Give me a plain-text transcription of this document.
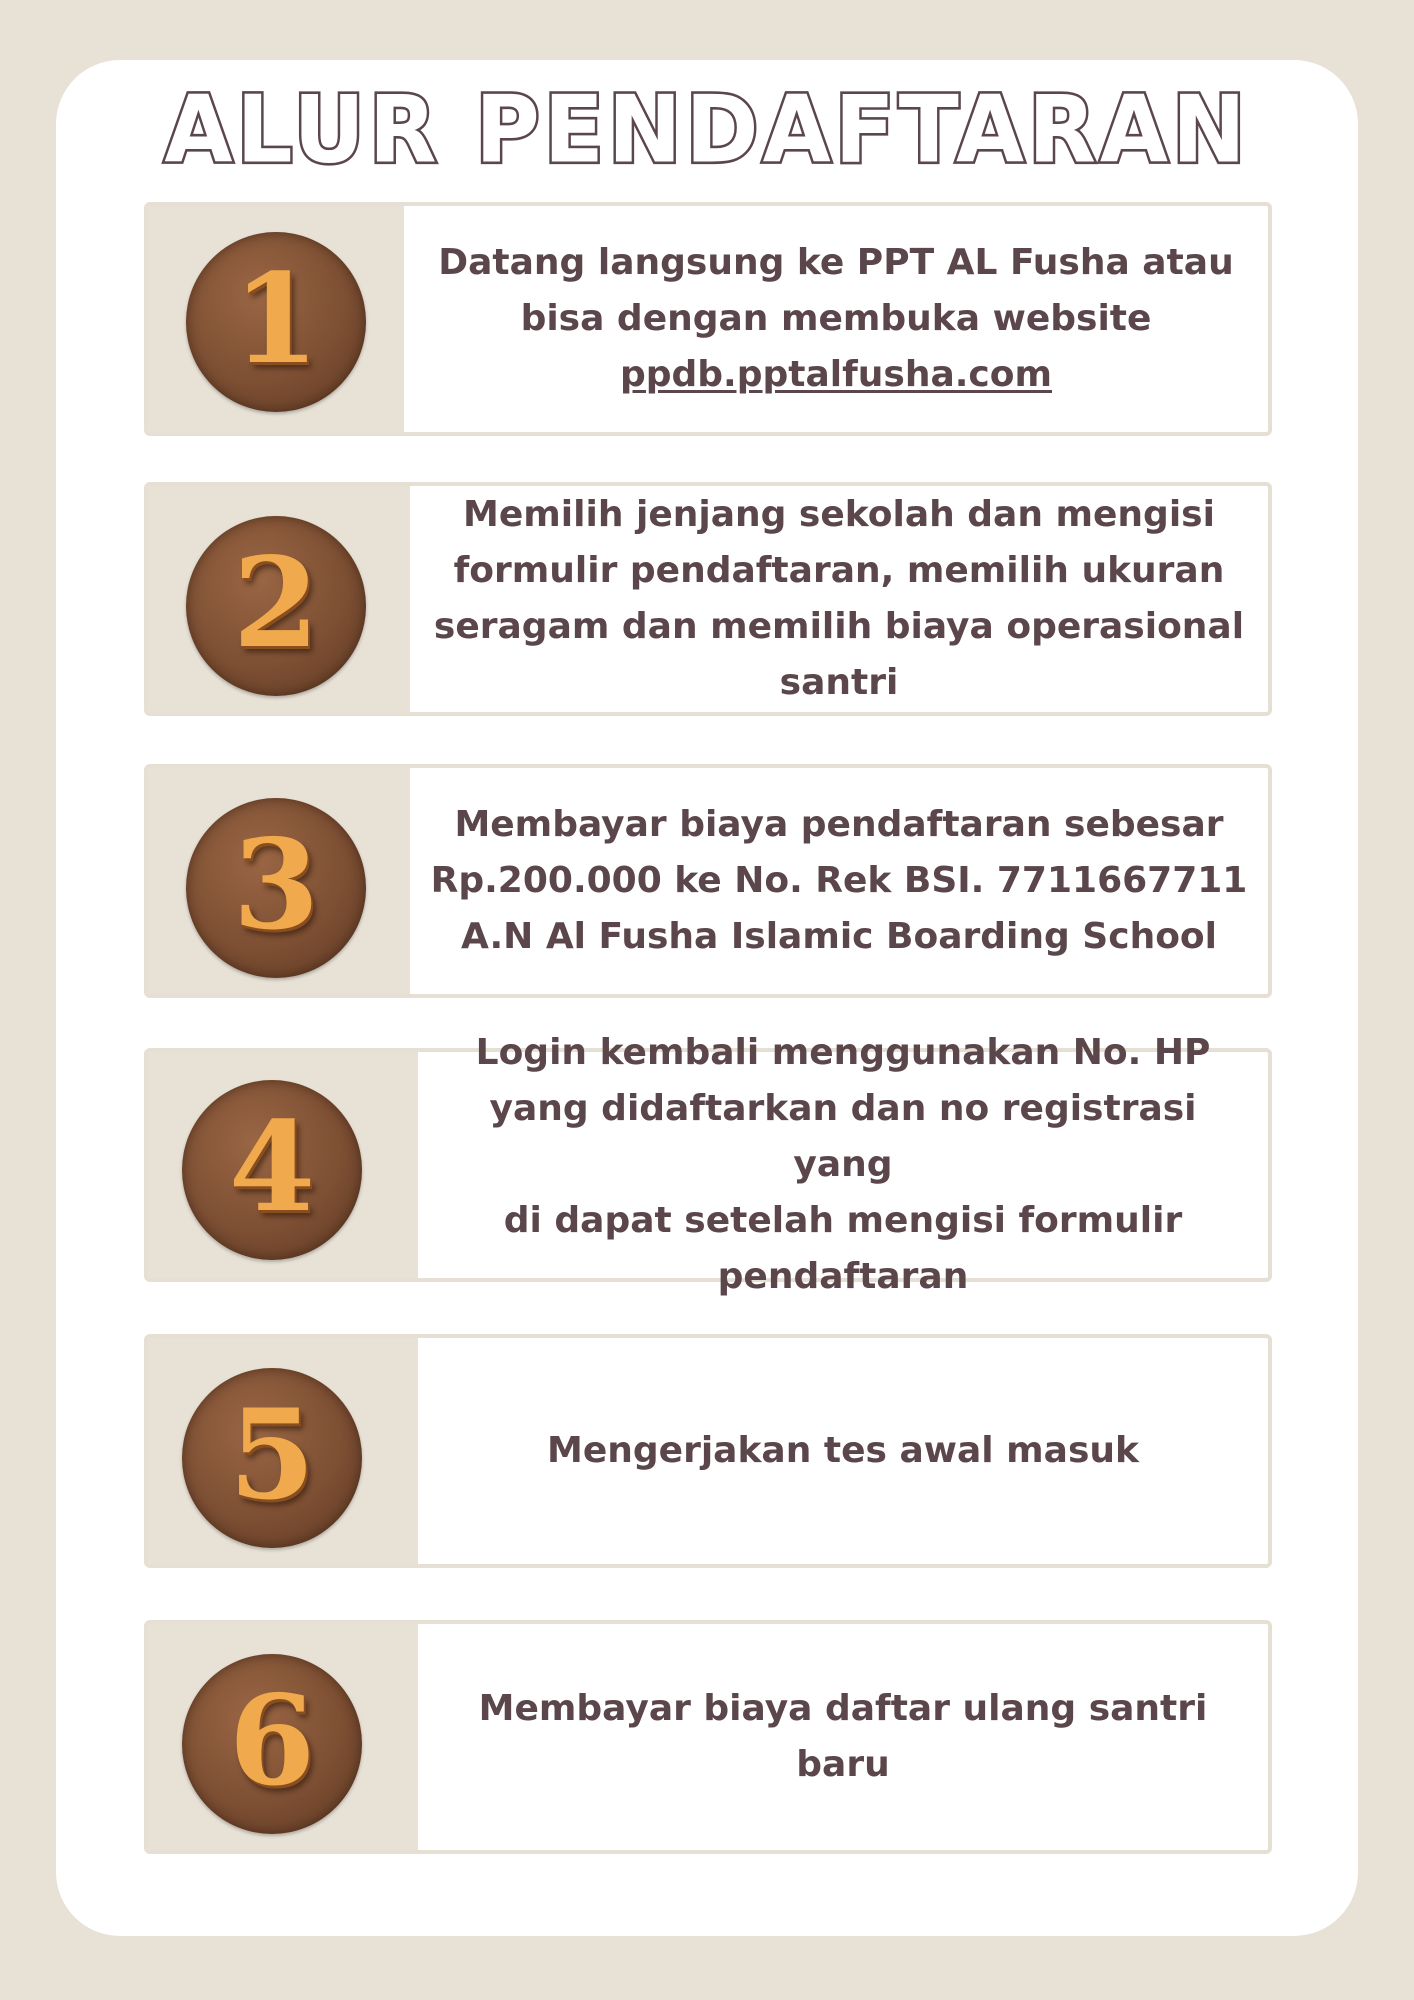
ALUR PENDAFTARAN
1	Datang langsung ke PPT AL Fusha atau
bisa dengan membuka website
ppdb.pptalfusha.com
2
Memilih jenjang sekolah dan mengisi
formulir pendaftaran, memilih ukuran
seragam dan memilih biaya operasional
santri
3	Membayar biaya pendaftaran sebesar
Rp.200.000 ke No. Rek BSI. 7711667711
A.N Al Fusha Islamic Boarding School
4
Login kembali menggunakan No. HP
yang didaftarkan dan no registrasi yang
di dapat setelah mengisi formulir
pendaftaran
5	Mengerjakan tes awal masuk
6	Membayar biaya daftar ulang santri
baru
